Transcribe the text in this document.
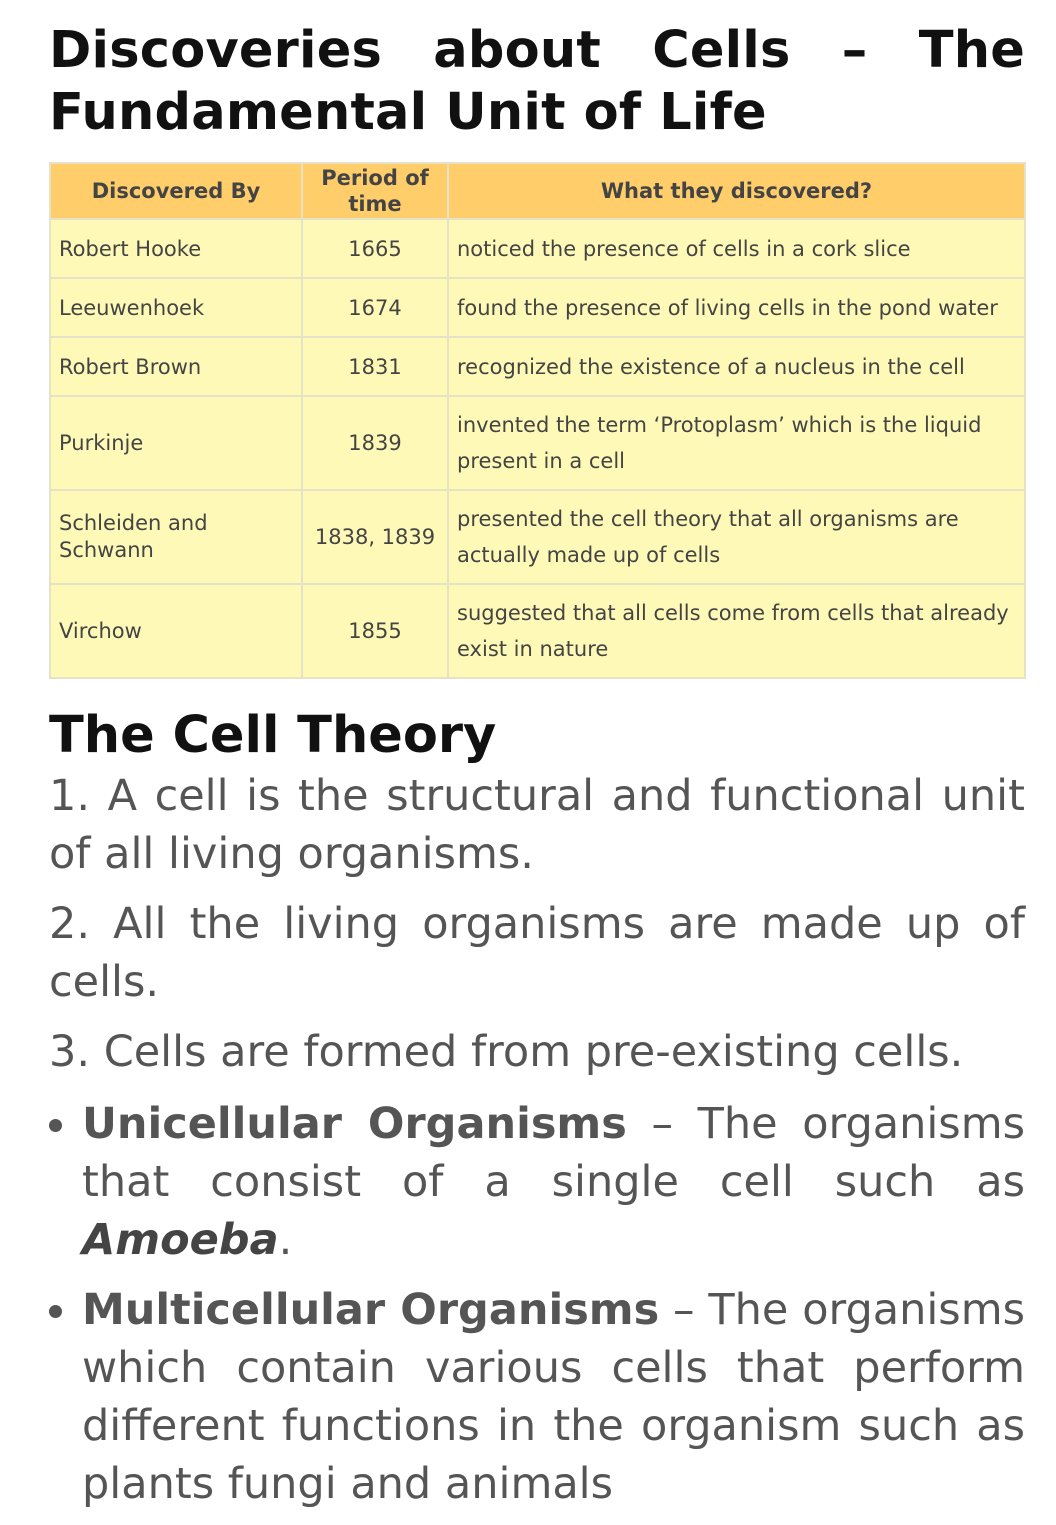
Discoveries about Cells – The Fundamental Unit of Life
Discovered By	Period of time	What they discovered?
Robert Hooke	1665	noticed the presence of cells in a cork slice
Leeuwenhoek	1674	found the presence of living cells in the pond water
Robert Brown	1831	recognized the existence of a nucleus in the cell
Purkinje	1839	invented the term ‘Protoplasm’ which is the liquid present in a cell
Schleiden and Schwann	1838, 1839	presented the cell theory that all organisms are actually made up of cells
Virchow	1855	suggested that all cells come from cells that already exist in nature
The Cell Theory

1. A cell is the structural and functional unit of all living organisms.

2. All the living organisms are made up of cells.

3. Cells are formed from pre-existing cells.

Unicellular Organisms – The organisms that consist of a single cell such as Amoeba.
Multicellular Organisms – The organisms which contain various cells that perform different functions in the organism such as plants fungi and animals
